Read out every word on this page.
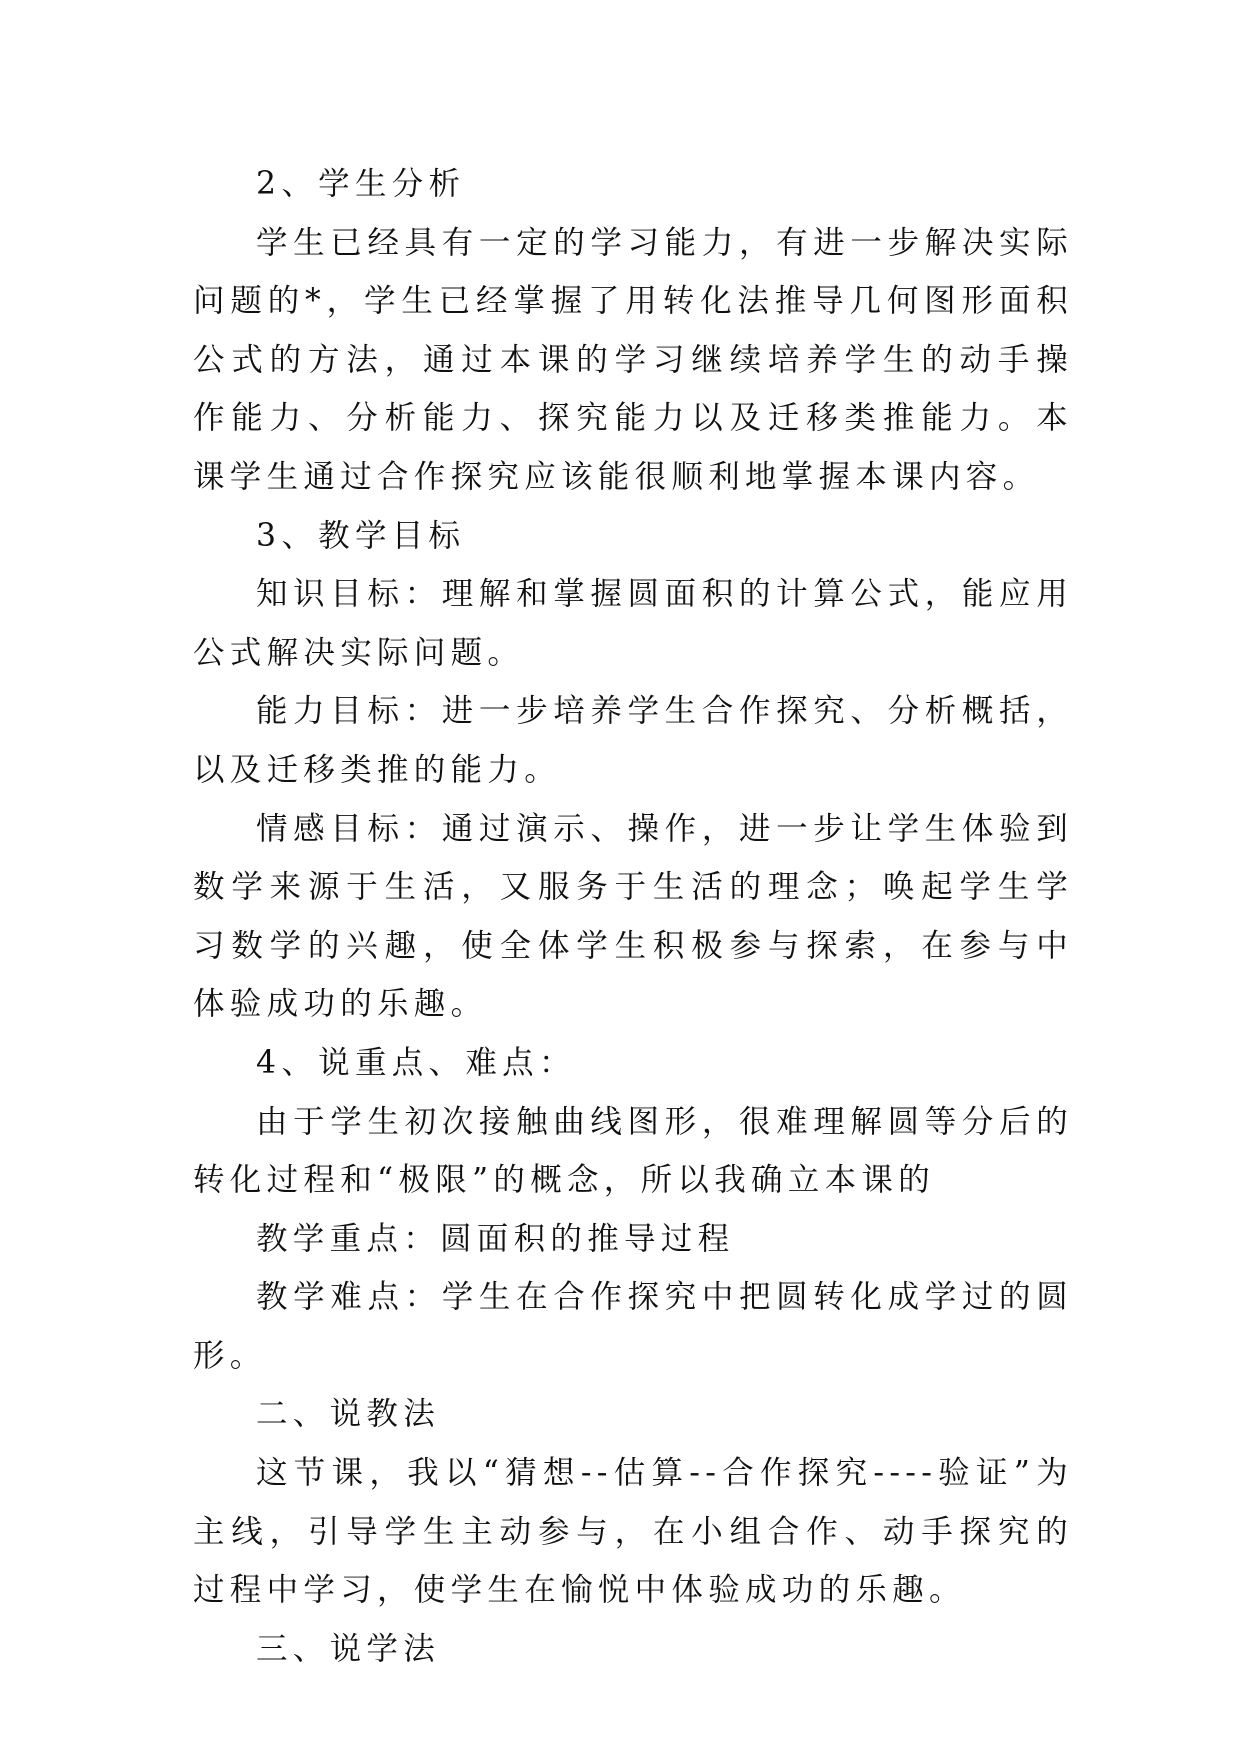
2、学生分析

学生已经具有一定的学习能力，有进一步解决实际问题的*，学生已经掌握了用转化法推导几何图形面积公式的方法，通过本课的学习继续培养学生的动手操作能力、分析能力、探究能力以及迁移类推能力。本课学生通过合作探究应该能很顺利地掌握本课内容。

3、教学目标

知识目标：理解和掌握圆面积的计算公式，能应用公式解决实际问题。

能力目标：进一步培养学生合作探究、分析概括，以及迁移类推的能力。

情感目标：通过演示、操作，进一步让学生体验到数学来源于生活，又服务于生活的理念；唤起学生学习数学的兴趣，使全体学生积极参与探索，在参与中体验成功的乐趣。

4、说重点、难点：

由于学生初次接触曲线图形，很难理解圆等分后的转化过程和“极限”的概念，所以我确立本课的

教学重点：圆面积的推导过程

教学难点：学生在合作探究中把圆转化成学过的圆形。

二、说教法

这节课，我以“猜想--估算--合作探究----验证”为主线，引导学生主动参与，在小组合作、动手探究的过程中学习，使学生在愉悦中体验成功的乐趣。

三、说学法
